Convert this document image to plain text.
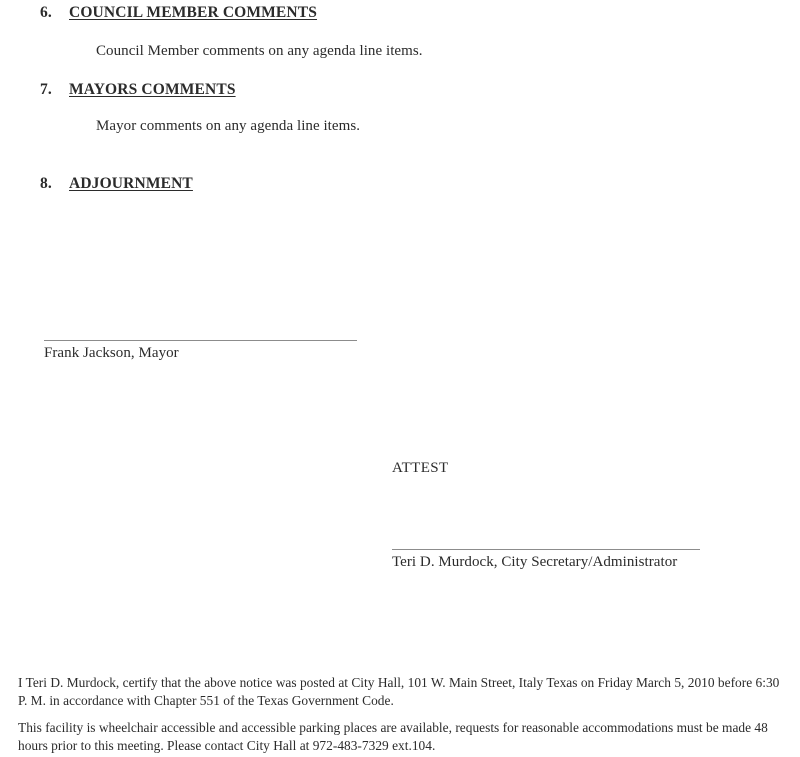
6.	COUNCIL MEMBER COMMENTS
Council Member comments on any agenda line items.
7.	MAYORS COMMENTS
Mayor comments on any agenda line items.
8.	ADJOURNMENT
Frank Jackson, Mayor
ATTEST
Teri D. Murdock, City Secretary/Administrator
I Teri D. Murdock, certify that the above notice was posted at City Hall, 101 W. Main Street, Italy Texas on Friday March 5, 2010 before 6:30 P. M. in accordance with Chapter 551 of the Texas Government Code.
This facility is wheelchair accessible and accessible parking places are available, requests for reasonable accommodations must be made 48 hours prior to this meeting. Please contact City Hall at 972-483-7329 ext.104.
